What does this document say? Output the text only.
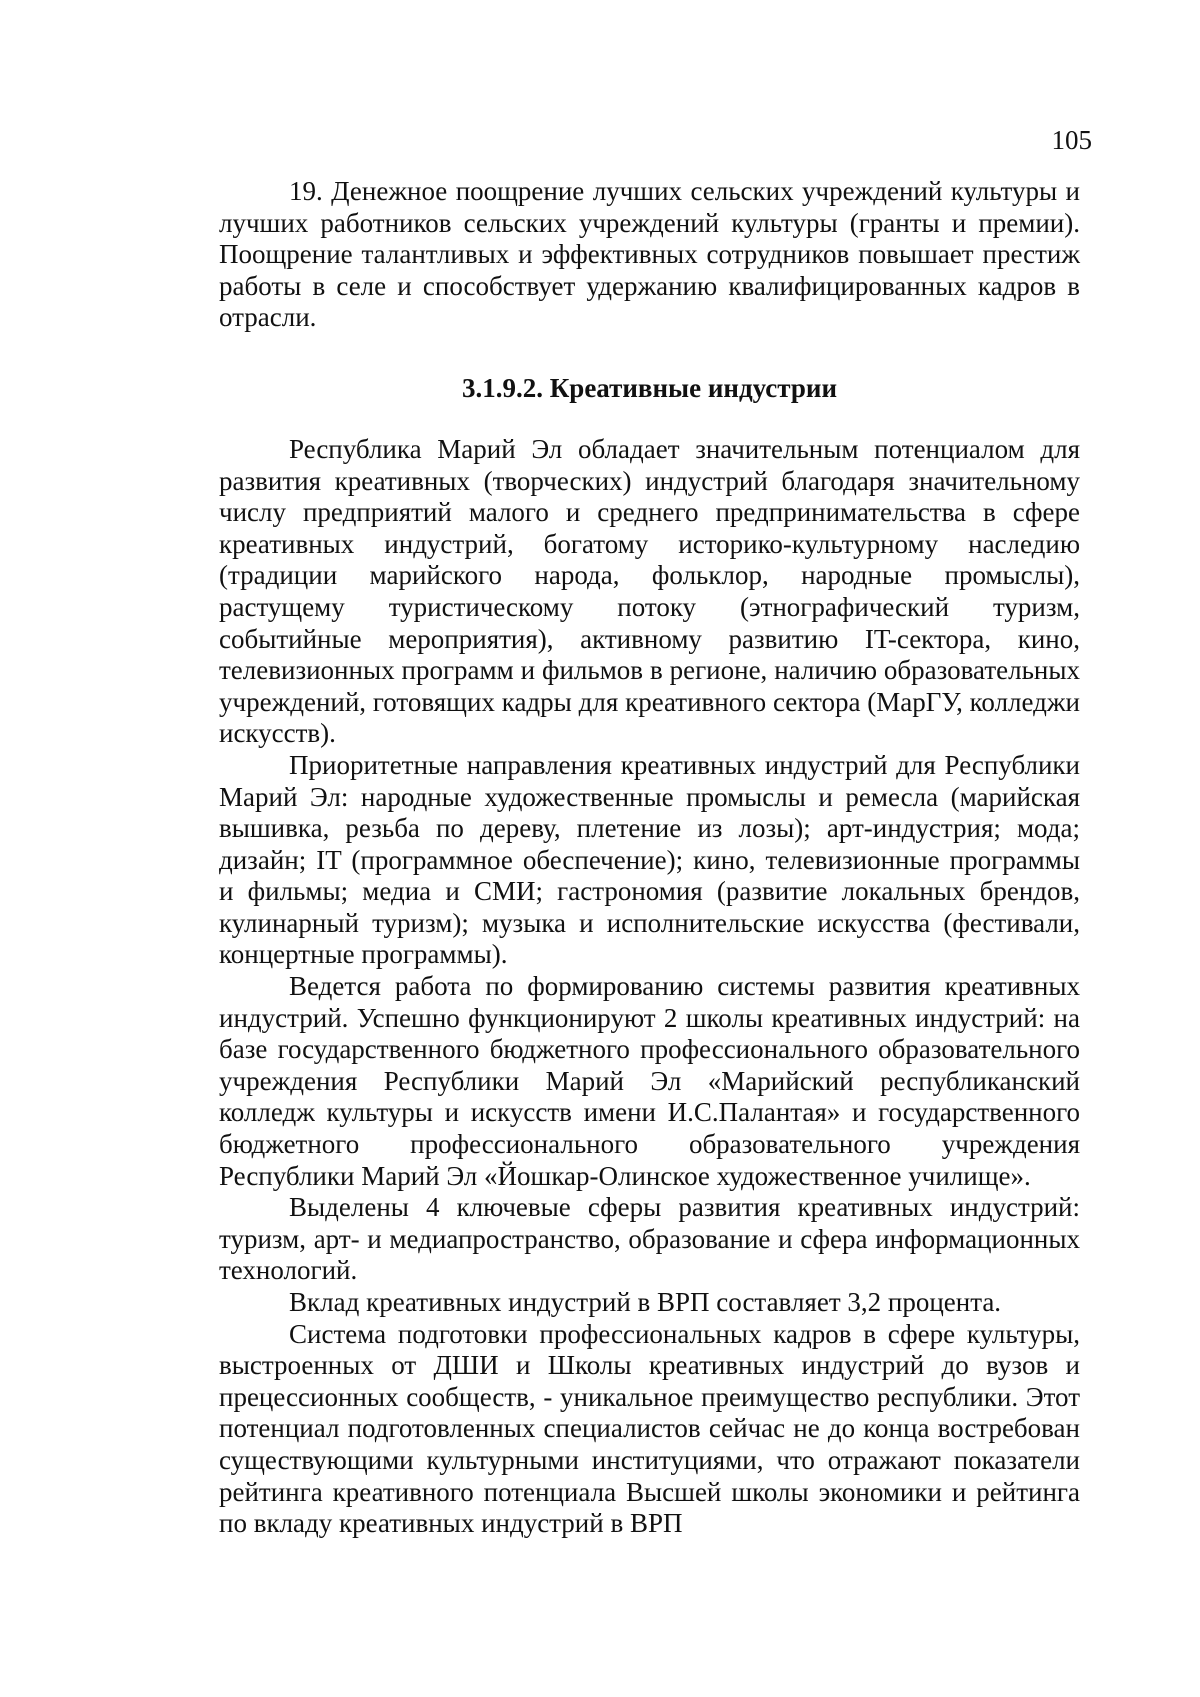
105

19. Денежное поощрение лучших сельских учреждений культуры и лучших работников сельских учреждений культуры (гранты и премии). Поощрение талантливых и эффективных сотрудников повышает престиж работы в селе и способствует удержанию квалифицированных кадров в отрасли.

3.1.9.2. Креативные индустрии

Республика Марий Эл обладает значительным потенциалом для развития креативных (творческих) индустрий благодаря значительному числу предприятий малого и среднего предпринимательства в сфере креативных индустрий, богатому историко-культурному наследию (традиции марийского народа, фольклор, народные промыслы), растущему туристическому потоку (этнографический туризм, событийные мероприятия), активному развитию IT-сектора, кино, телевизионных программ и фильмов в регионе, наличию образовательных учреждений, готовящих кадры для креативного сектора (МарГУ, колледжи искусств).

Приоритетные направления креативных индустрий для Республики Марий Эл: народные художественные промыслы и ремесла (марийская вышивка, резьба по дереву, плетение из лозы); арт-индустрия; мода; дизайн; IT (программное обеспечение); кино, телевизионные программы и фильмы; медиа и СМИ; гастрономия (развитие локальных брендов, кулинарный туризм); музыка и исполнительские искусства (фестивали, концертные программы).

Ведется работа по формированию системы развития креативных индустрий. Успешно функционируют 2 школы креативных индустрий: на базе государственного бюджетного профессионального образовательного учреждения Республики Марий Эл «Марийский республиканский колледж культуры и искусств имени И.С.Палантая» и государственного бюджетного профессионального образовательного учреждения Республики Марий Эл «Йошкар-Олинское художественное училище».

Выделены 4 ключевые сферы развития креативных индустрий: туризм, арт- и медиапространство, образование и сфера информационных технологий.

Вклад креативных индустрий в ВРП составляет 3,2 процента.

Система подготовки профессиональных кадров в сфере культуры, выстроенных от ДШИ и Школы креативных индустрий до вузов и прецессионных сообществ, - уникальное преимущество республики. Этот потенциал подготовленных специалистов сейчас не до конца востребован существующими культурными институциями, что отражают показатели рейтинга креативного потенциала Высшей школы экономики и рейтинга по вкладу креативных индустрий в ВРП
